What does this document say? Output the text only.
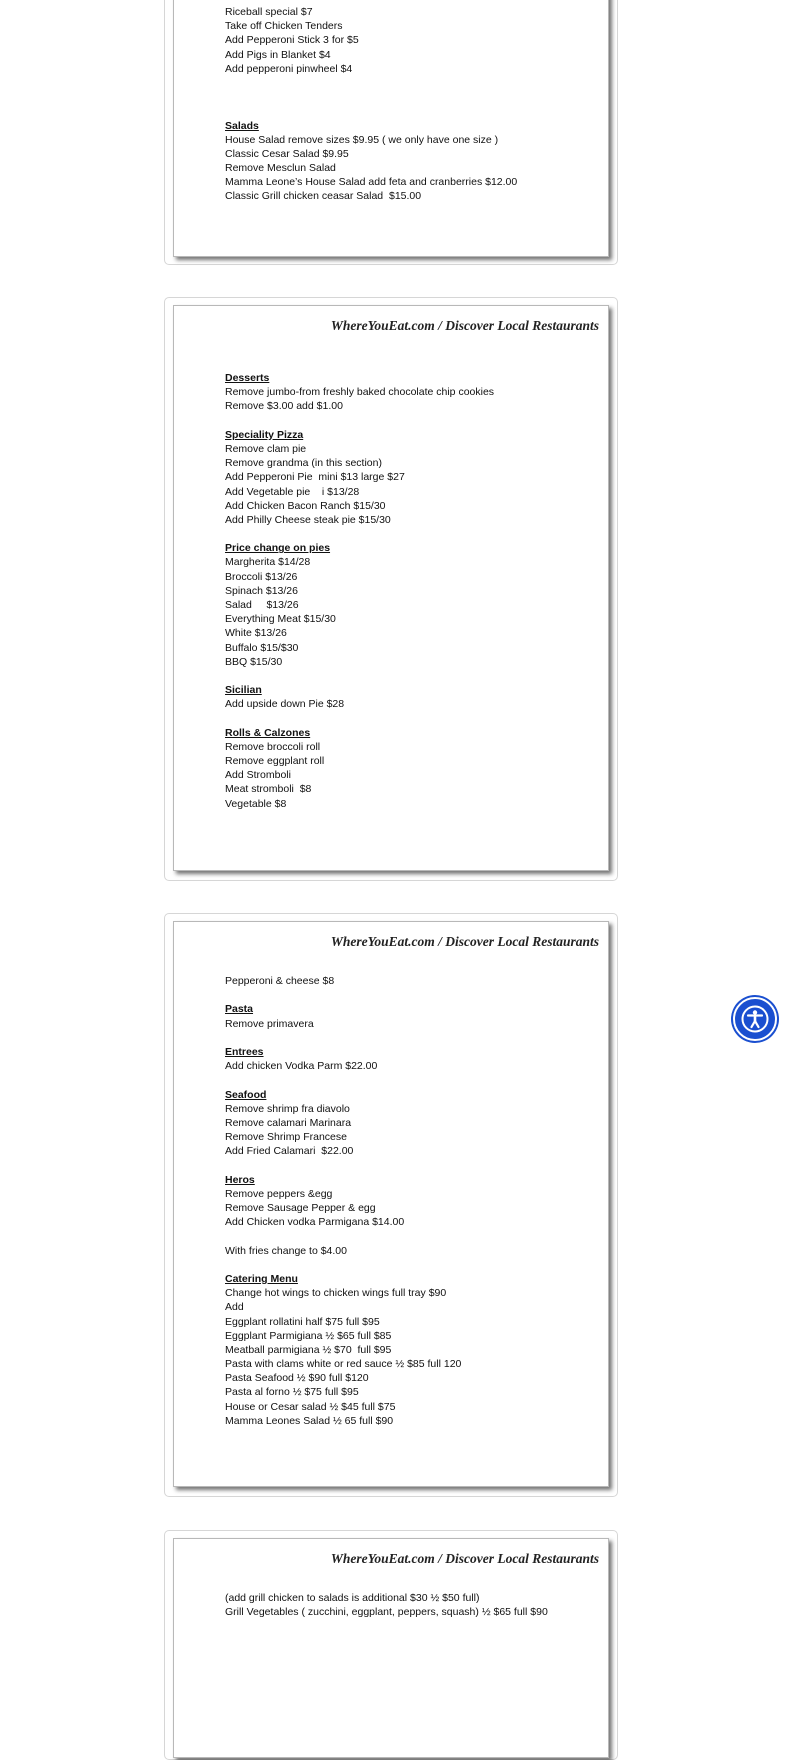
Riceball special $7
Take off Chicken Tenders
Add Pepperoni Stick 3 for $5
Add Pigs in Blanket $4
Add pepperoni pinwheel $4
Salads
House Salad remove sizes $9.95 ( we only have one size )
Classic Cesar Salad $9.95
Remove Mesclun Salad
Mamma Leone’s House Salad add feta and cranberries $12.00
Classic Grill chicken ceasar Salad  $15.00
WhereYouEat.com / Discover Local Restaurants
Desserts
Remove jumbo-from freshly baked chocolate chip cookies
Remove $3.00 add $1.00
Speciality Pizza
Remove clam pie
Remove grandma (in this section)
Add Pepperoni Pie  mini $13 large $27
Add Vegetable pie    i $13/28
Add Chicken Bacon Ranch $15/30
Add Philly Cheese steak pie $15/30
Price change on pies
Margherita $14/28
Broccoli $13/26
Spinach $13/26
Salad     $13/26
Everything Meat $15/30
White $13/26
Buffalo $15/$30
BBQ $15/30
Sicilian
Add upside down Pie $28
Rolls & Calzones
Remove broccoli roll
Remove eggplant roll
Add Stromboli
Meat stromboli  $8
Vegetable $8
WhereYouEat.com / Discover Local Restaurants
Pepperoni & cheese $8
Pasta
Remove primavera
Entrees
Add chicken Vodka Parm $22.00
Seafood
Remove shrimp fra diavolo
Remove calamari Marinara
Remove Shrimp Francese
Add Fried Calamari  $22.00
Heros
Remove peppers &egg
Remove Sausage Pepper & egg
Add Chicken vodka Parmigana $14.00
With fries change to $4.00
Catering Menu
Change hot wings to chicken wings full tray $90
Add
Eggplant rollatini half $75 full $95
Eggplant Parmigiana ½ $65 full $85
Meatball parmigiana ½ $70  full $95
Pasta with clams white or red sauce ½ $85 full 120
Pasta Seafood ½ $90 full $120
Pasta al forno ½ $75 full $95
House or Cesar salad ½ $45 full $75
Mamma Leones Salad ½ 65 full $90
WhereYouEat.com / Discover Local Restaurants
(add grill chicken to salads is additional $30 ½ $50 full)
Grill Vegetables ( zucchini, eggplant, peppers, squash) ½ $65 full $90
